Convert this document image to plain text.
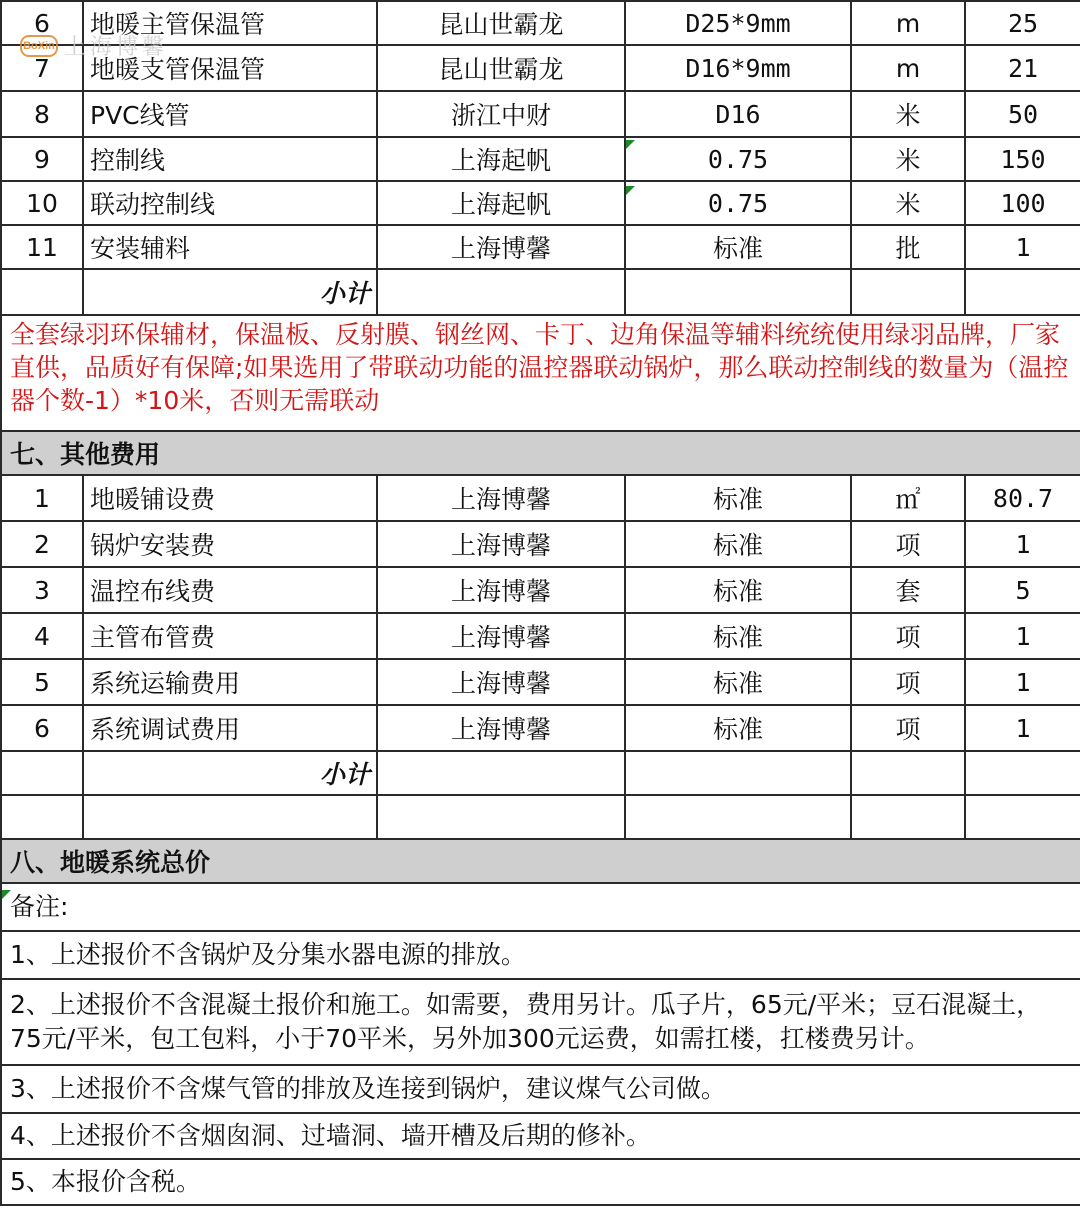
6	地暖主管保温管	昆山世霸龙	D25*9mm	m	25
7	地暖支管保温管	昆山世霸龙	D16*9mm	m	21
8	PVC线管	浙江中财	D16	米	50
9	控制线	上海起帆	0.75	米	150
10	联动控制线	上海起帆	0.75	米	100
11	安装辅料	上海博馨	标准	批	1
	小计				

全套绿羽环保辅材，保温板、反射膜、钢丝网、卡丁、边角保温等辅料统统使用绿羽品牌，厂家直供，品质好有保障;如果选用了带联动功能的温控器联动锅炉，那么联动控制线的数量为（温控器个数-1）*10米，否则无需联动					

七、其他费用					
1	地暖铺设费	上海博馨	标准	㎡	80.7
2	锅炉安装费	上海博馨	标准	项	1
3	温控布线费	上海博馨	标准	套	5
4	主管布管费	上海博馨	标准	项	1
5	系统运输费用	上海博馨	标准	项	1
6	系统调试费用	上海博馨	标准	项	1
	小计				

八、地暖系统总价					
备注:					
1、上述报价不含锅炉及分集水器电源的排放。					
2、上述报价不含混凝土报价和施工。如需要，费用另计。瓜子片，65元/平米；豆石混凝土，75元/平米，包工包料，小于70平米，另外加300元运费，如需扛楼，扛楼费另计。					
3、上述报价不含煤气管的排放及连接到锅炉，建议煤气公司做。					
4、上述报价不含烟囱洞、过墙洞、墙开槽及后期的修补。					
5、本报价含税。					
BoXin 上海博馨
